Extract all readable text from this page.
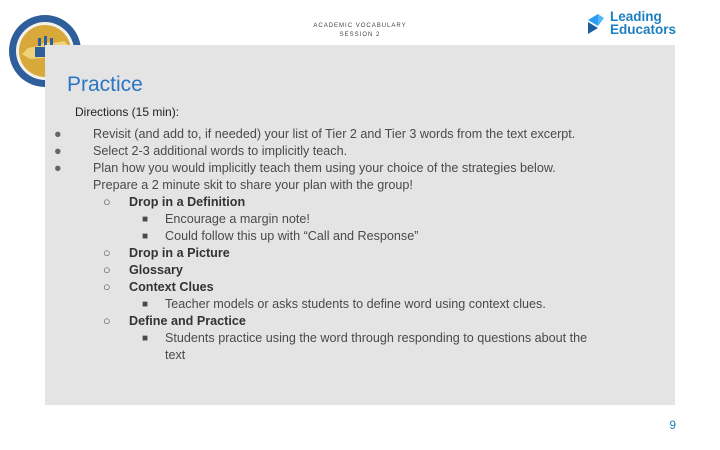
ACADEMIC VOCABULARY
SESSION 2
Leading
Educators
Practice
Directions (15 min):
● Revisit (and add to, if needed) your list of Tier 2 and Tier 3 words from the text excerpt.
● Select 2-3 additional words to implicitly teach.
● Plan how you would implicitly teach them using your choice of the strategies below.
Prepare a 2 minute skit to share your plan with the group!
○ Drop in a Definition
■ Encourage a margin note!
■ Could follow this up with “Call and Response”
○ Drop in a Picture
○ Glossary
○ Context Clues
■ Teacher models or asks students to define word using context clues.
○ Define and Practice
■ Students practice using the word through responding to questions about the
text
9
